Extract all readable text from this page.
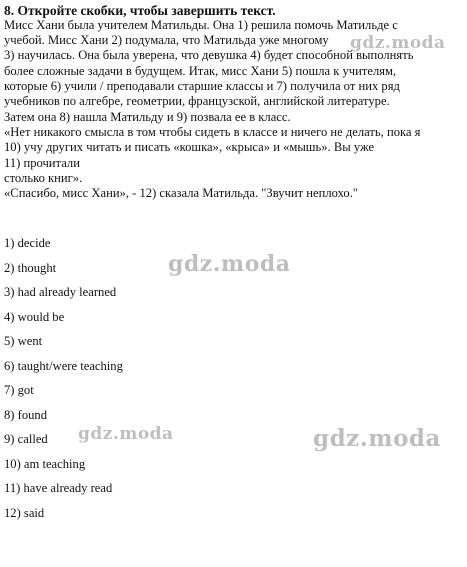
8. Откройте скобки, чтобы завершить текст.
Мисс Хани была учителем Матильды. Она 1) решила помочь Матильде с
учебой. Мисс Хани 2) подумала, что Матильда уже многому
3) научилась. Она была уверена, что девушка 4) будет способной выполнять
более сложные задачи в будущем. Итак, мисс Хани 5) пошла к учителям,
которые 6) учили / преподавали старшие классы и 7) получила от них ряд
учебников по алгебре, геометрии, французской, английской литературе.
Затем она 8) нашла Матильду и 9) позвала ее в класс.
«Нет никакого смысла в том чтобы сидеть в классе и ничего не делать, пока я
10) учу других читать и писать «кошка», «крыса» и «мышь». Вы уже
11) прочитали
столько книг».
«Спасибо, мисс Хани», - 12) сказала Матильда. "Звучит неплохо."
1) decide
2) thought
3) had already learned
4) would be
5) went
6) taught/were teaching
7) got
8) found
9) called
10) am teaching
11) have already read
12) said
gdz.moda
gdz.moda
gdz.moda	gdz.moda
